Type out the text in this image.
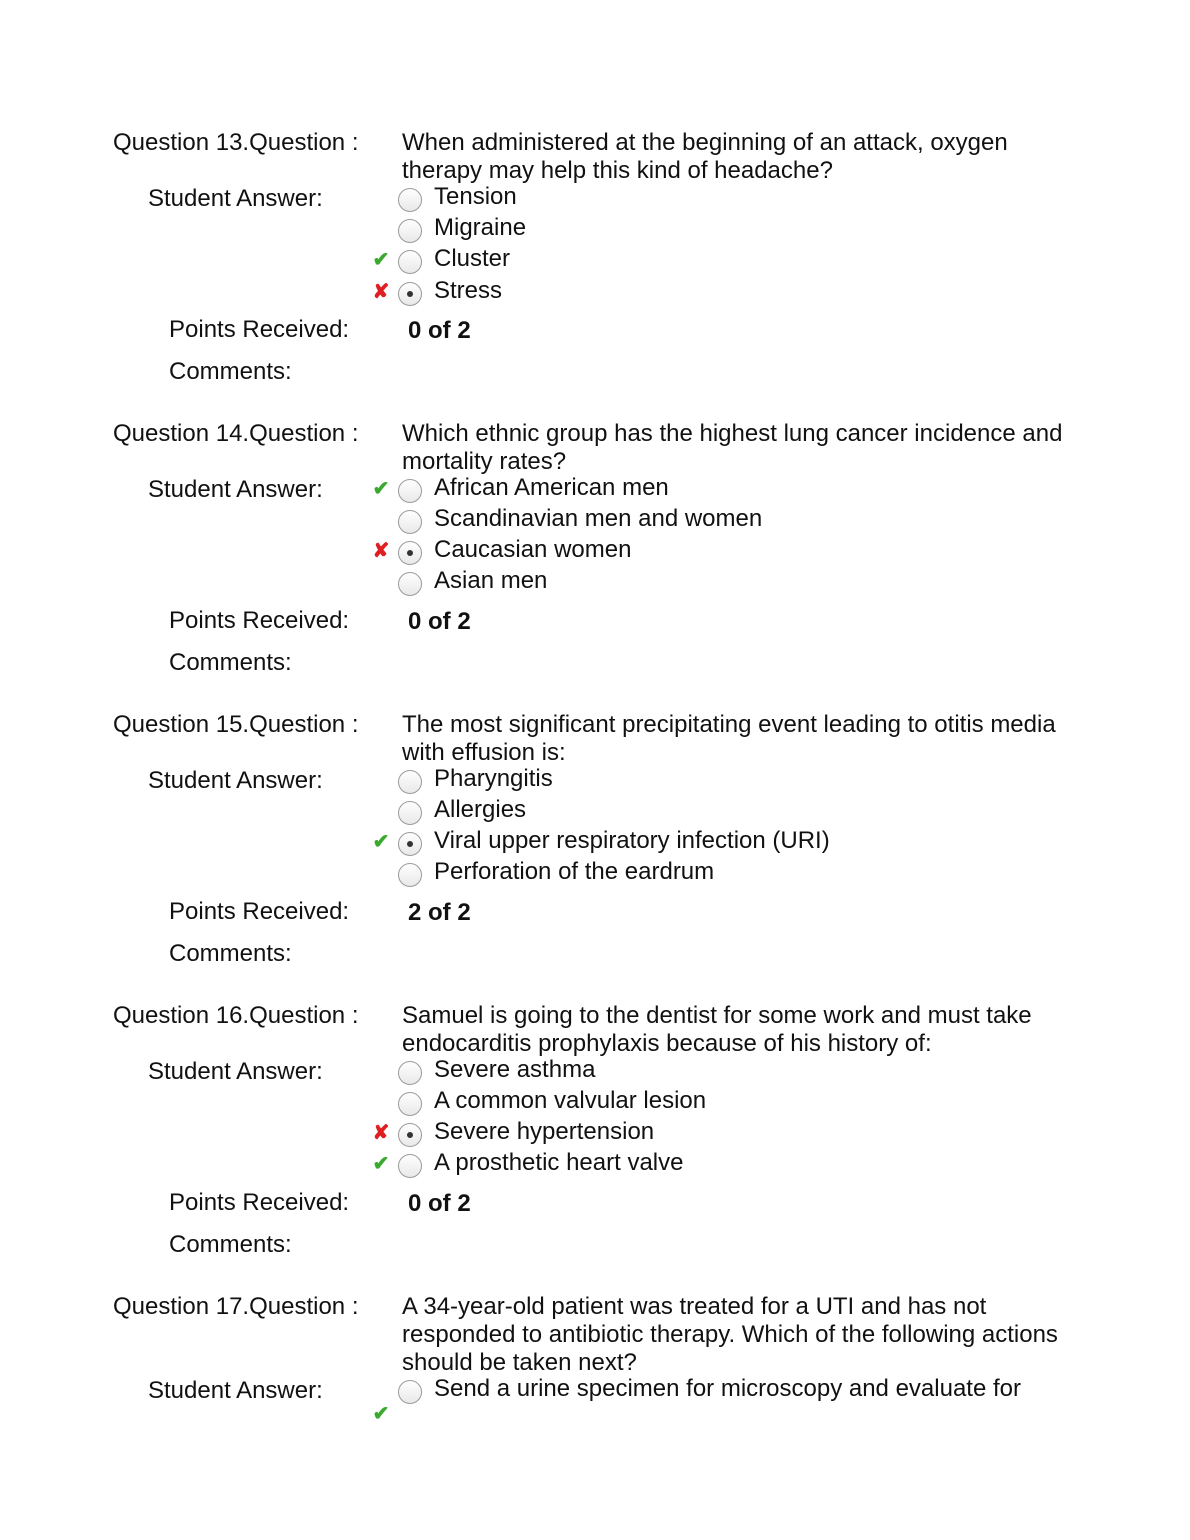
Question 13.Question : When administered at the beginning of an attack, oxygen therapy may help this kind of headache?
Student Answer:	Tension
Migraine
✔ Cluster
✘ Stress
Points Received: 0 of 2
Comments:
Question 14.Question : Which ethnic group has the highest lung cancer incidence and mortality rates?
Student Answer: ✔ African American men
Scandinavian men and women
✘ Caucasian women
Asian men
Points Received: 0 of 2
Comments:
Question 15.Question : The most significant precipitating event leading to otitis media with effusion is:
Student Answer:	Pharyngitis
Allergies
✔ Viral upper respiratory infection (URI)
Perforation of the eardrum
Points Received: 2 of 2
Comments:
Question 16.Question : Samuel is going to the dentist for some work and must take endocarditis prophylaxis because of his history of:
Student Answer:	Severe asthma
A common valvular lesion
✘ Severe hypertension
✔ A prosthetic heart valve
Points Received: 0 of 2
Comments:
Question 17.Question : A 34-year-old patient was treated for a UTI and has not responded to antibiotic therapy. Which of the following actions should be taken next?
Student Answer:
✔
Send a urine specimen for microscopy and evaluate for
